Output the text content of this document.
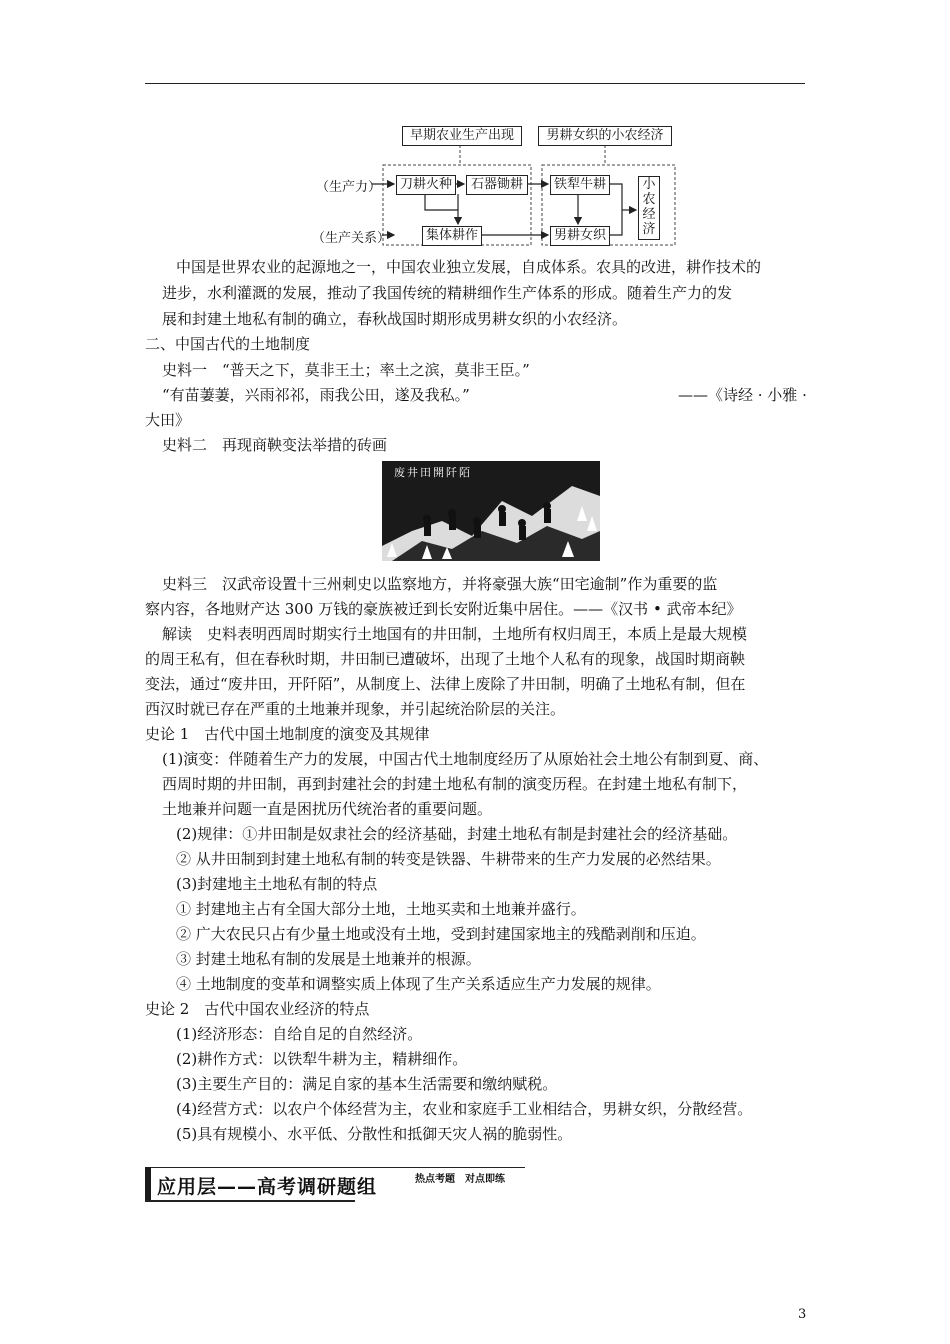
早期农业生产出现	男耕女织的小农经济
（生产力）
（生产关系）
刀耕火种	石器锄耕	铁犁牛耕
集体耕作	男耕女织
小农经济
中国是世界农业的起源地之一，中国农业独立发展，自成体系。农具的改进，耕作技术的
进步，水利灌溉的发展，推动了我国传统的精耕细作生产体系的形成。随着生产力的发
展和封建土地私有制的确立，春秋战国时期形成男耕女织的小农经济。
二、中国古代的土地制度
史料一　“普天之下，莫非王土；率土之滨，莫非王臣。”
“有苗萋萋，兴雨祁祁，雨我公田，遂及我私。”	——《诗经 · 小雅 ·
大田》
史料二　再现商鞅变法举措的砖画
废井田開阡陌
史料三　汉武帝设置十三州刺史以监察地方，并将豪强大族“田宅逾制”作为重要的监
察内容，各地财产达 300 万钱的豪族被迁到长安附近集中居住。——《汉书 • 武帝本纪》
解读　史料表明西周时期实行土地国有的井田制，土地所有权归周王，本质上是最大规模
的周王私有，但在春秋时期，井田制已遭破坏，出现了土地个人私有的现象，战国时期商鞅
变法，通过“废井田，开阡陌”，从制度上、法律上废除了井田制，明确了土地私有制，但在
西汉时就已存在严重的土地兼并现象，并引起统治阶层的关注。
史论 1　古代中国土地制度的演变及其规律
(1)演变：伴随着生产力的发展，中国古代土地制度经历了从原始社会土地公有制到夏、商、
西周时期的井田制，再到封建社会的封建土地私有制的演变历程。在封建土地私有制下，
土地兼并问题一直是困扰历代统治者的重要问题。
(2)规律：①井田制是奴隶社会的经济基础，封建土地私有制是封建社会的经济基础。
② 从井田制到封建土地私有制的转变是铁器、牛耕带来的生产力发展的必然结果。
(3)封建地主土地私有制的特点
① 封建地主占有全国大部分土地，土地买卖和土地兼并盛行。
② 广大农民只占有少量土地或没有土地，受到封建国家地主的残酷剥削和压迫。
③ 封建土地私有制的发展是土地兼并的根源。
④ 土地制度的变革和调整实质上体现了生产关系适应生产力发展的规律。
史论 2　古代中国农业经济的特点
(1)经济形态：自给自足的自然经济。
(2)耕作方式：以铁犁牛耕为主，精耕细作。
(3)主要生产目的：满足自家的基本生活需要和缴纳赋税。
(4)经营方式：以农户个体经营为主，农业和家庭手工业相结合，男耕女织，分散经营。
(5)具有规模小、水平低、分散性和抵御天灾人祸的脆弱性。
应用层——高考调研题组	热点考题　对点即练
3
